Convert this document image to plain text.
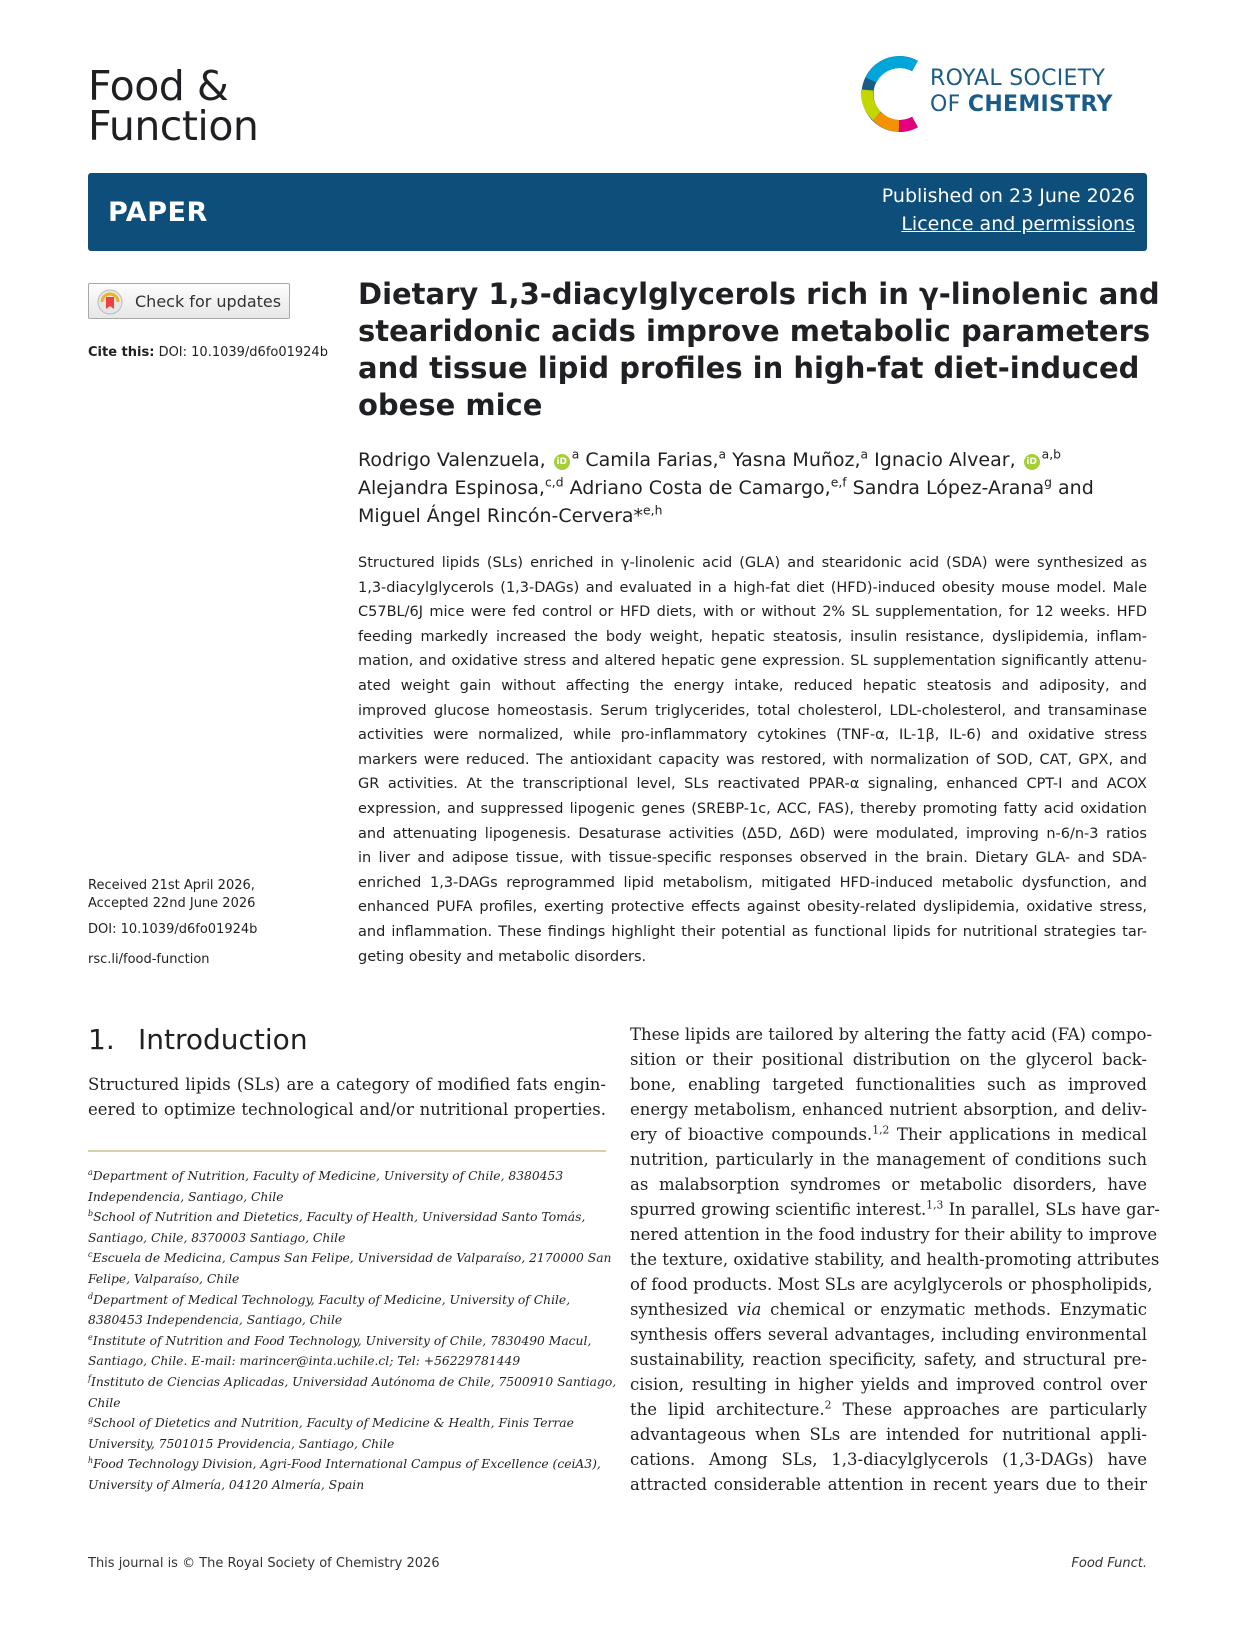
Food &
Function
ROYAL SOCIETY
OF CHEMISTRY
PAPER
Published on 23 June 2026
Licence and permissions
Check for updates
Cite this: DOI: 10.1039/d6fo01924b
Received 21st April 2026,
Accepted 22nd June 2026
DOI: 10.1039/d6fo01924b
rsc.li/food-function
Dietary 1,3-diacylglycerols rich in γ-linolenic and
stearidonic acids improve metabolic parameters
and tissue lipid profiles in high-fat diet-induced
obese mice
Rodrigo Valenzuela, $iD^a$ Camila Farias,$^a$ Yasna Muñoz,$^a$ Ignacio Alvear, iD$^{a,b}$
Alejandra Espinosa,$^{c,d}$ Adriano Costa de Camargo,$^{e,f}$ Sandra López-Arana$^g$ and
Miguel Ángel Rincón-Cervera*$^{e,h}$
Structured lipids (SLs) enriched in γ-linolenic acid (GLA) and stearidonic acid (SDA) were synthesized as
1,3-diacylglycerols (1,3-DAGs) and evaluated in a high-fat diet (HFD)-induced obesity mouse model. Male
C57BL/6J mice were fed control or HFD diets, with or without 2% SL supplementation, for 12 weeks. HFD
feeding markedly increased the body weight, hepatic steatosis, insulin resistance, dyslipidemia, inflam-
mation, and oxidative stress and altered hepatic gene expression. SL supplementation significantly attenu-
ated weight gain without affecting the energy intake, reduced hepatic steatosis and adiposity, and
improved glucose homeostasis. Serum triglycerides, total cholesterol, LDL-cholesterol, and transaminase
activities were normalized, while pro-inflammatory cytokines (TNF-α, IL-1β, IL-6) and oxidative stress
markers were reduced. The antioxidant capacity was restored, with normalization of SOD, CAT, GPX, and
GR activities. At the transcriptional level, SLs reactivated PPAR-α signaling, enhanced CPT-I and ACOX
expression, and suppressed lipogenic genes (SREBP-1c, ACC, FAS), thereby promoting fatty acid oxidation
and attenuating lipogenesis. Desaturase activities (Δ5D, Δ6D) were modulated, improving n-6/n-3 ratios
in liver and adipose tissue, with tissue-specific responses observed in the brain. Dietary GLA- and SDA-
enriched 1,3-DAGs reprogrammed lipid metabolism, mitigated HFD-induced metabolic dysfunction, and
enhanced PUFA profiles, exerting protective effects against obesity-related dyslipidemia, oxidative stress,
and inflammation. These findings highlight their potential as functional lipids for nutritional strategies tar-
geting obesity and metabolic disorders.
1. Introduction
Structured lipids (SLs) are a category of modified fats engin-
eered to optimize technological and/or nutritional properties.
$^a$Department of Nutrition, Faculty of Medicine, University of Chile, 8380453
Independencia, Santiago, Chile
$^b$School of Nutrition and Dietetics, Faculty of Health, Universidad Santo Tomás,
Santiago, Chile, 8370003 Santiago, Chile
$^c$Escuela de Medicina, Campus San Felipe, Universidad de Valparaíso, 2170000 San
Felipe, Valparaíso, Chile
$^d$Department of Medical Technology, Faculty of Medicine, University of Chile,
8380453 Independencia, Santiago, Chile
$^e$Institute of Nutrition and Food Technology, University of Chile, 7830490 Macul,
Santiago, Chile. E-mail: marincer@inta.uchile.cl; Tel: +56229781449
$^f$Instituto de Ciencias Aplicadas, Universidad Autónoma de Chile, 7500910 Santiago,
Chile
$^g$School of Dietetics and Nutrition, Faculty of Medicine & Health, Finis Terrae
University, 7501015 Providencia, Santiago, Chile
$^h$Food Technology Division, Agri-Food International Campus of Excellence (ceiA3),
University of Almería, 04120 Almería, Spain
These lipids are tailored by altering the fatty acid (FA) compo-
sition or their positional distribution on the glycerol back-
bone, enabling targeted functionalities such as improved
energy metabolism, enhanced nutrient absorption, and deliv-
ery of bioactive compounds.$^{1,2}$ Their applications in medical
nutrition, particularly in the management of conditions such
as malabsorption syndromes or metabolic disorders, have
spurred growing scientific interest.$^{1,3}$ In parallel, SLs have gar-
nered attention in the food industry for their ability to improve
the texture, oxidative stability, and health-promoting attributes
of food products. Most SLs are acylglycerols or phospholipids,
synthesized via chemical or enzymatic methods. Enzymatic
synthesis offers several advantages, including environmental
sustainability, reaction specificity, safety, and structural pre-
cision, resulting in higher yields and improved control over
the lipid architecture.$^2$ These approaches are particularly
advantageous when SLs are intended for nutritional appli-
cations. Among SLs, 1,3-diacylglycerols (1,3-DAGs) have
attracted considerable attention in recent years due to their
This journal is © The Royal Society of Chemistry 2026	Food Funct.
